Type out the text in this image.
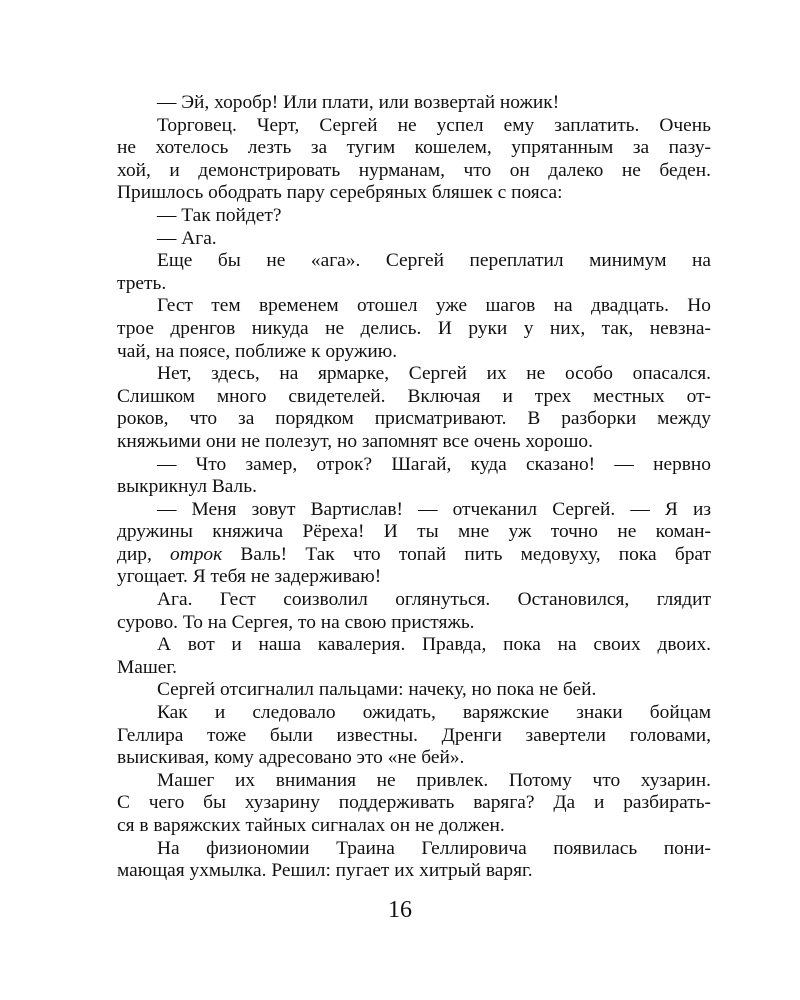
— Эй, хоробр! Или плати, или возвертай ножик!
Торговец. Черт, Сергей не успел ему заплатить. Очень
не хотелось лезть за тугим кошелем, упрятанным за пазу-
хой, и демонстрировать нурманам, что он далеко не беден.
Пришлось ободрать пару серебряных бляшек с пояса:
— Так пойдет?
— Ага.
Еще бы не «ага». Сергей переплатил минимум на
треть.
Гест тем временем отошел уже шагов на двадцать. Но
трое дренгов никуда не делись. И руки у них, так, невзна-
чай, на поясе, поближе к оружию.
Нет, здесь, на ярмарке, Сергей их не особо опасался.
Слишком много свидетелей. Включая и трех местных от-
роков, что за порядком присматривают. В разборки между
княжьими они не полезут, но запомнят все очень хорошо.
— Что замер, отрок? Шагай, куда сказано! — нервно
выкрикнул Валь.
— Меня зовут Вартислав! — отчеканил Сергей. — Я из
дружины княжича Рёреха! И ты мне уж точно не коман-
дир, отрок Валь! Так что топай пить медовуху, пока брат
угощает. Я тебя не задерживаю!
Ага. Гест соизволил оглянуться. Остановился, глядит
сурово. То на Сергея, то на свою пристяжь.
А вот и наша кавалерия. Правда, пока на своих двоих.
Машег.
Сергей отсигналил пальцами: начеку, но пока не бей.
Как и следовало ожидать, варяжские знаки бойцам
Геллира тоже были известны. Дренги завертели головами,
выискивая, кому адресовано это «не бей».
Машег их внимания не привлек. Потому что хузарин.
С чего бы хузарину поддерживать варяга? Да и разбирать-
ся в варяжских тайных сигналах он не должен.
На физиономии Траина Геллировича появилась пони-
мающая ухмылка. Решил: пугает их хитрый варяг.
16
